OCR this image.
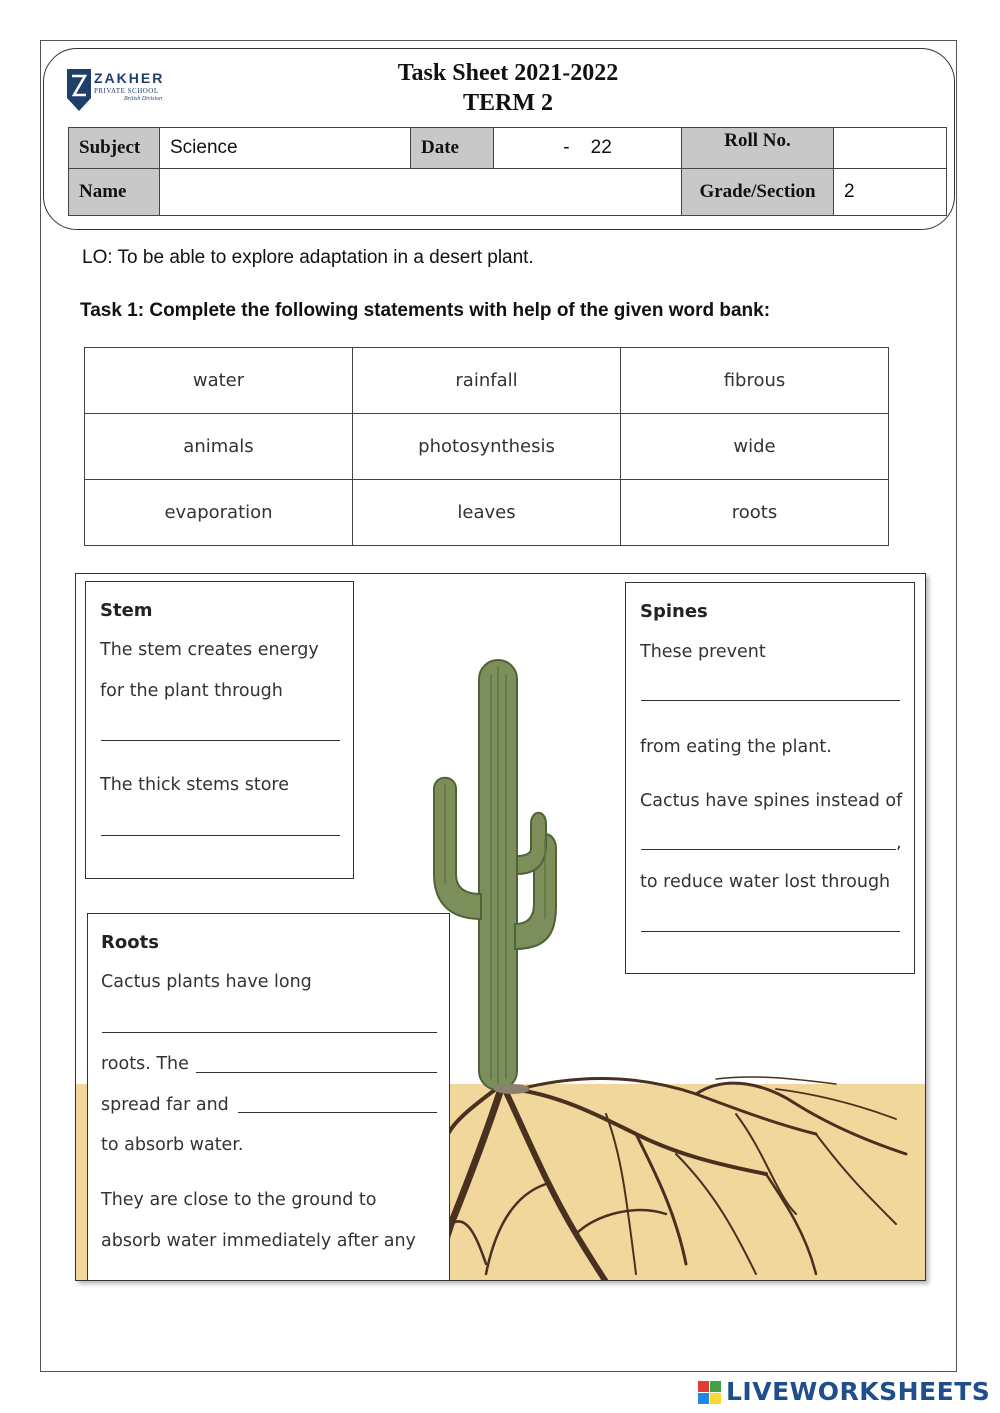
ZAKHER
PRIVATE SCHOOL
British Division
Task Sheet 2021-2022
TERM 2
Subject	Science	Date	-    22	Roll No.	
Name				Grade/Section	2
LO: To be able to explore adaptation in a desert plant.
Task 1: Complete the following statements with help of the given word bank:
water	rainfall	fibrous
animals	photosynthesis	wide
evaporation	leaves	roots
Stem
The stem creates energy
for the plant through
The thick stems store
Spines
These prevent
from eating the plant.
Cactus have spines instead of
,
to reduce water lost through
Roots
Cactus plants have long
roots. The
spread far and
to absorb water.
They are close to the ground to
absorb water immediately after any
LIVEWORKSHEETS
